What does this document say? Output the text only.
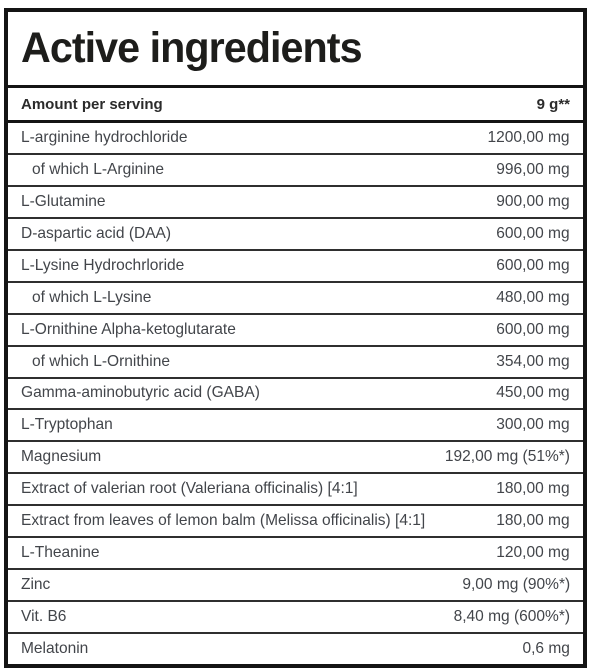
Active ingredients
Amount per serving	9 g**
L-arginine hydrochloride	1200,00 mg
of which L-Arginine	996,00 mg
L-Glutamine	900,00 mg
D-aspartic acid (DAA)	600,00 mg
L-Lysine Hydrochrloride	600,00 mg
of which L-Lysine	480,00 mg
L-Ornithine Alpha-ketoglutarate	600,00 mg
of which L-Ornithine	354,00 mg
Gamma-aminobutyric acid (GABA)	450,00 mg
L-Tryptophan	300,00 mg
Magnesium	192,00 mg (51%*)
Extract of valerian root (Valeriana officinalis) [4:1]	180,00 mg
Extract from leaves of lemon balm (Melissa officinalis) [4:1]	180,00 mg
L-Theanine	120,00 mg
Zinc	9,00 mg (90%*)
Vit. B6	8,40 mg (600%*)
Melatonin	0,6 mg
